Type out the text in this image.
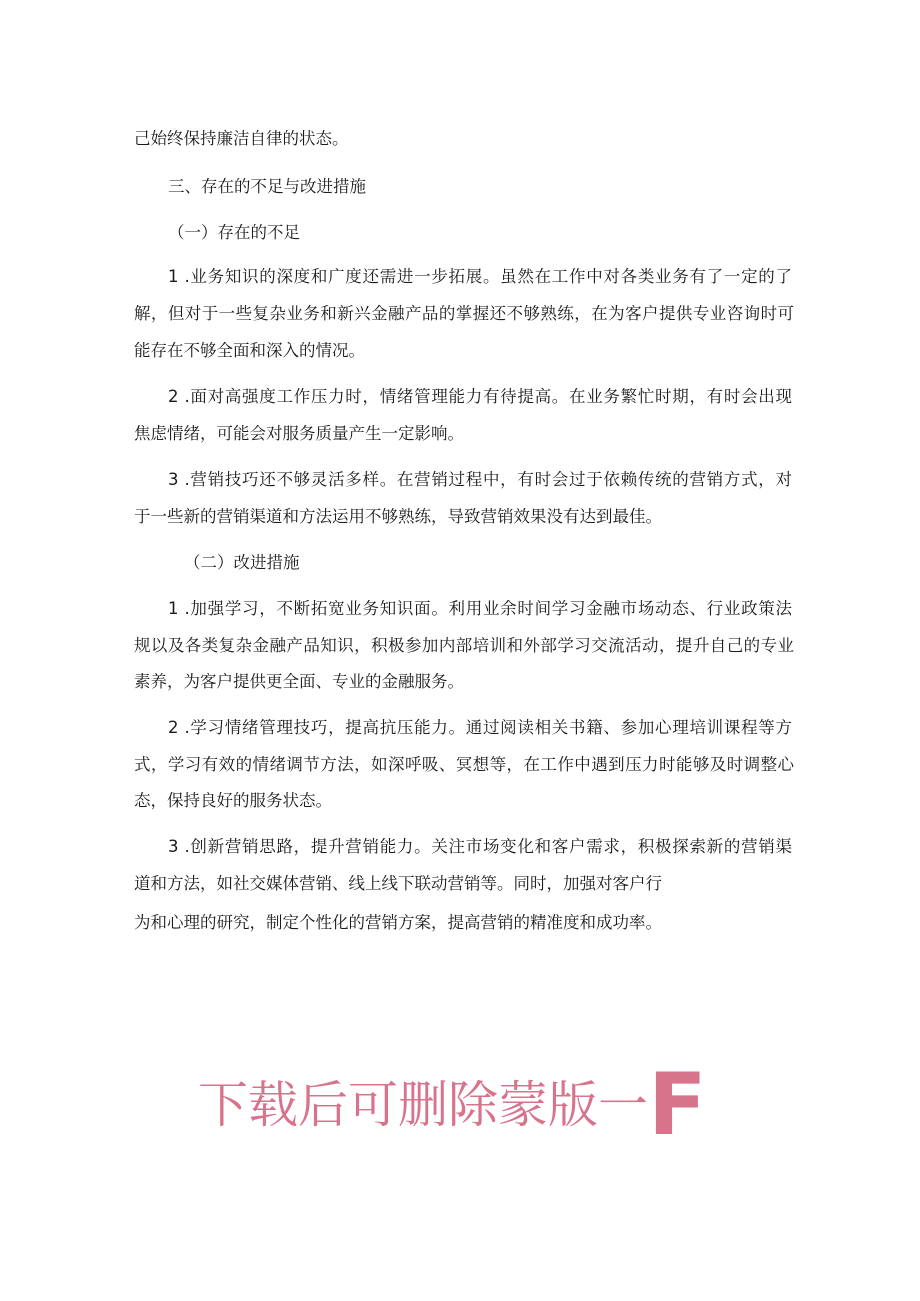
己始终保持廉洁自律的状态。
三、存在的不足与改进措施
（一）存在的不足
1 .业务知识的深度和广度还需进一步拓展。虽然在工作中对各类业务有了一定的了
解，但对于一些复杂业务和新兴金融产品的掌握还不够熟练，在为客户提供专业咨询时可
能存在不够全面和深入的情况。
2 .面对高强度工作压力时，情绪管理能力有待提高。在业务繁忙时期，有时会出现
焦虑情绪，可能会对服务质量产生一定影响。
3 .营销技巧还不够灵活多样。在营销过程中，有时会过于依赖传统的营销方式，对
于一些新的营销渠道和方法运用不够熟练，导致营销效果没有达到最佳。
（二）改进措施
1 .加强学习，不断拓宽业务知识面。利用业余时间学习金融市场动态、行业政策法
规以及各类复杂金融产品知识，积极参加内部培训和外部学习交流活动，提升自己的专业
素养，为客户提供更全面、专业的金融服务。
2 .学习情绪管理技巧，提高抗压能力。通过阅读相关书籍、参加心理培训课程等方
式，学习有效的情绪调节方法，如深呼吸、冥想等，在工作中遇到压力时能够及时调整心
态，保持良好的服务状态。
3 .创新营销思路，提升营销能力。关注市场变化和客户需求，积极探索新的营销渠
道和方法，如社交媒体营销、线上线下联动营销等。同时，加强对客户行
为和心理的研究，制定个性化的营销方案，提高营销的精准度和成功率。
下载后可删除蒙版一F
